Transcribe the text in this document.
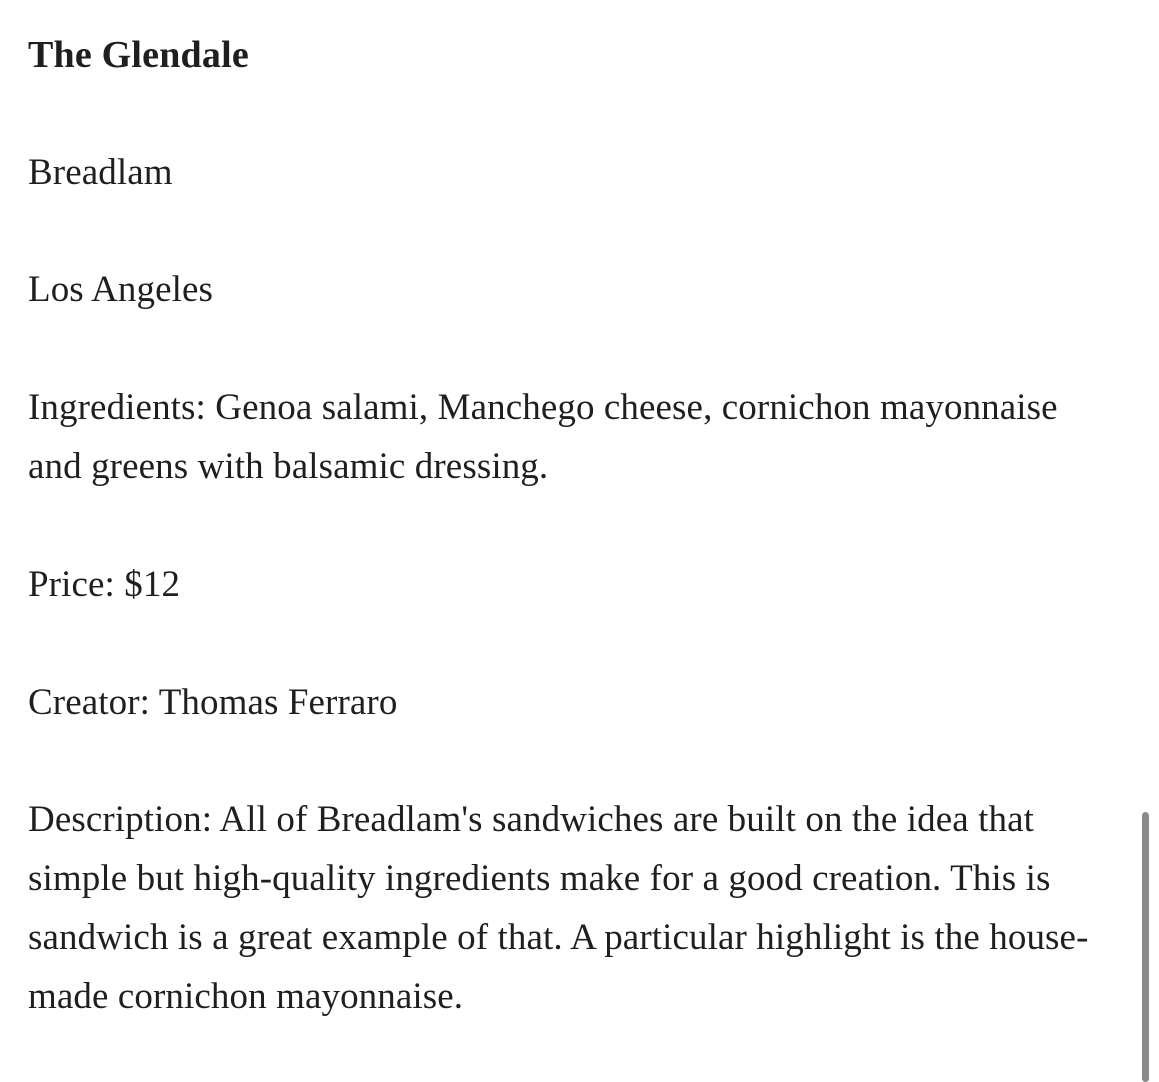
The Glendale

Breadlam

Los Angeles

Ingredients: Genoa salami, Manchego cheese, cornichon mayonnaise and greens with balsamic dressing.

Price: $12

Creator: Thomas Ferraro

Description: All of Breadlam's sandwiches are built on the idea that simple but high-quality ingredients make for a good creation. This is sandwich is a great example of that. A particular highlight is the house-made cornichon mayonnaise.
